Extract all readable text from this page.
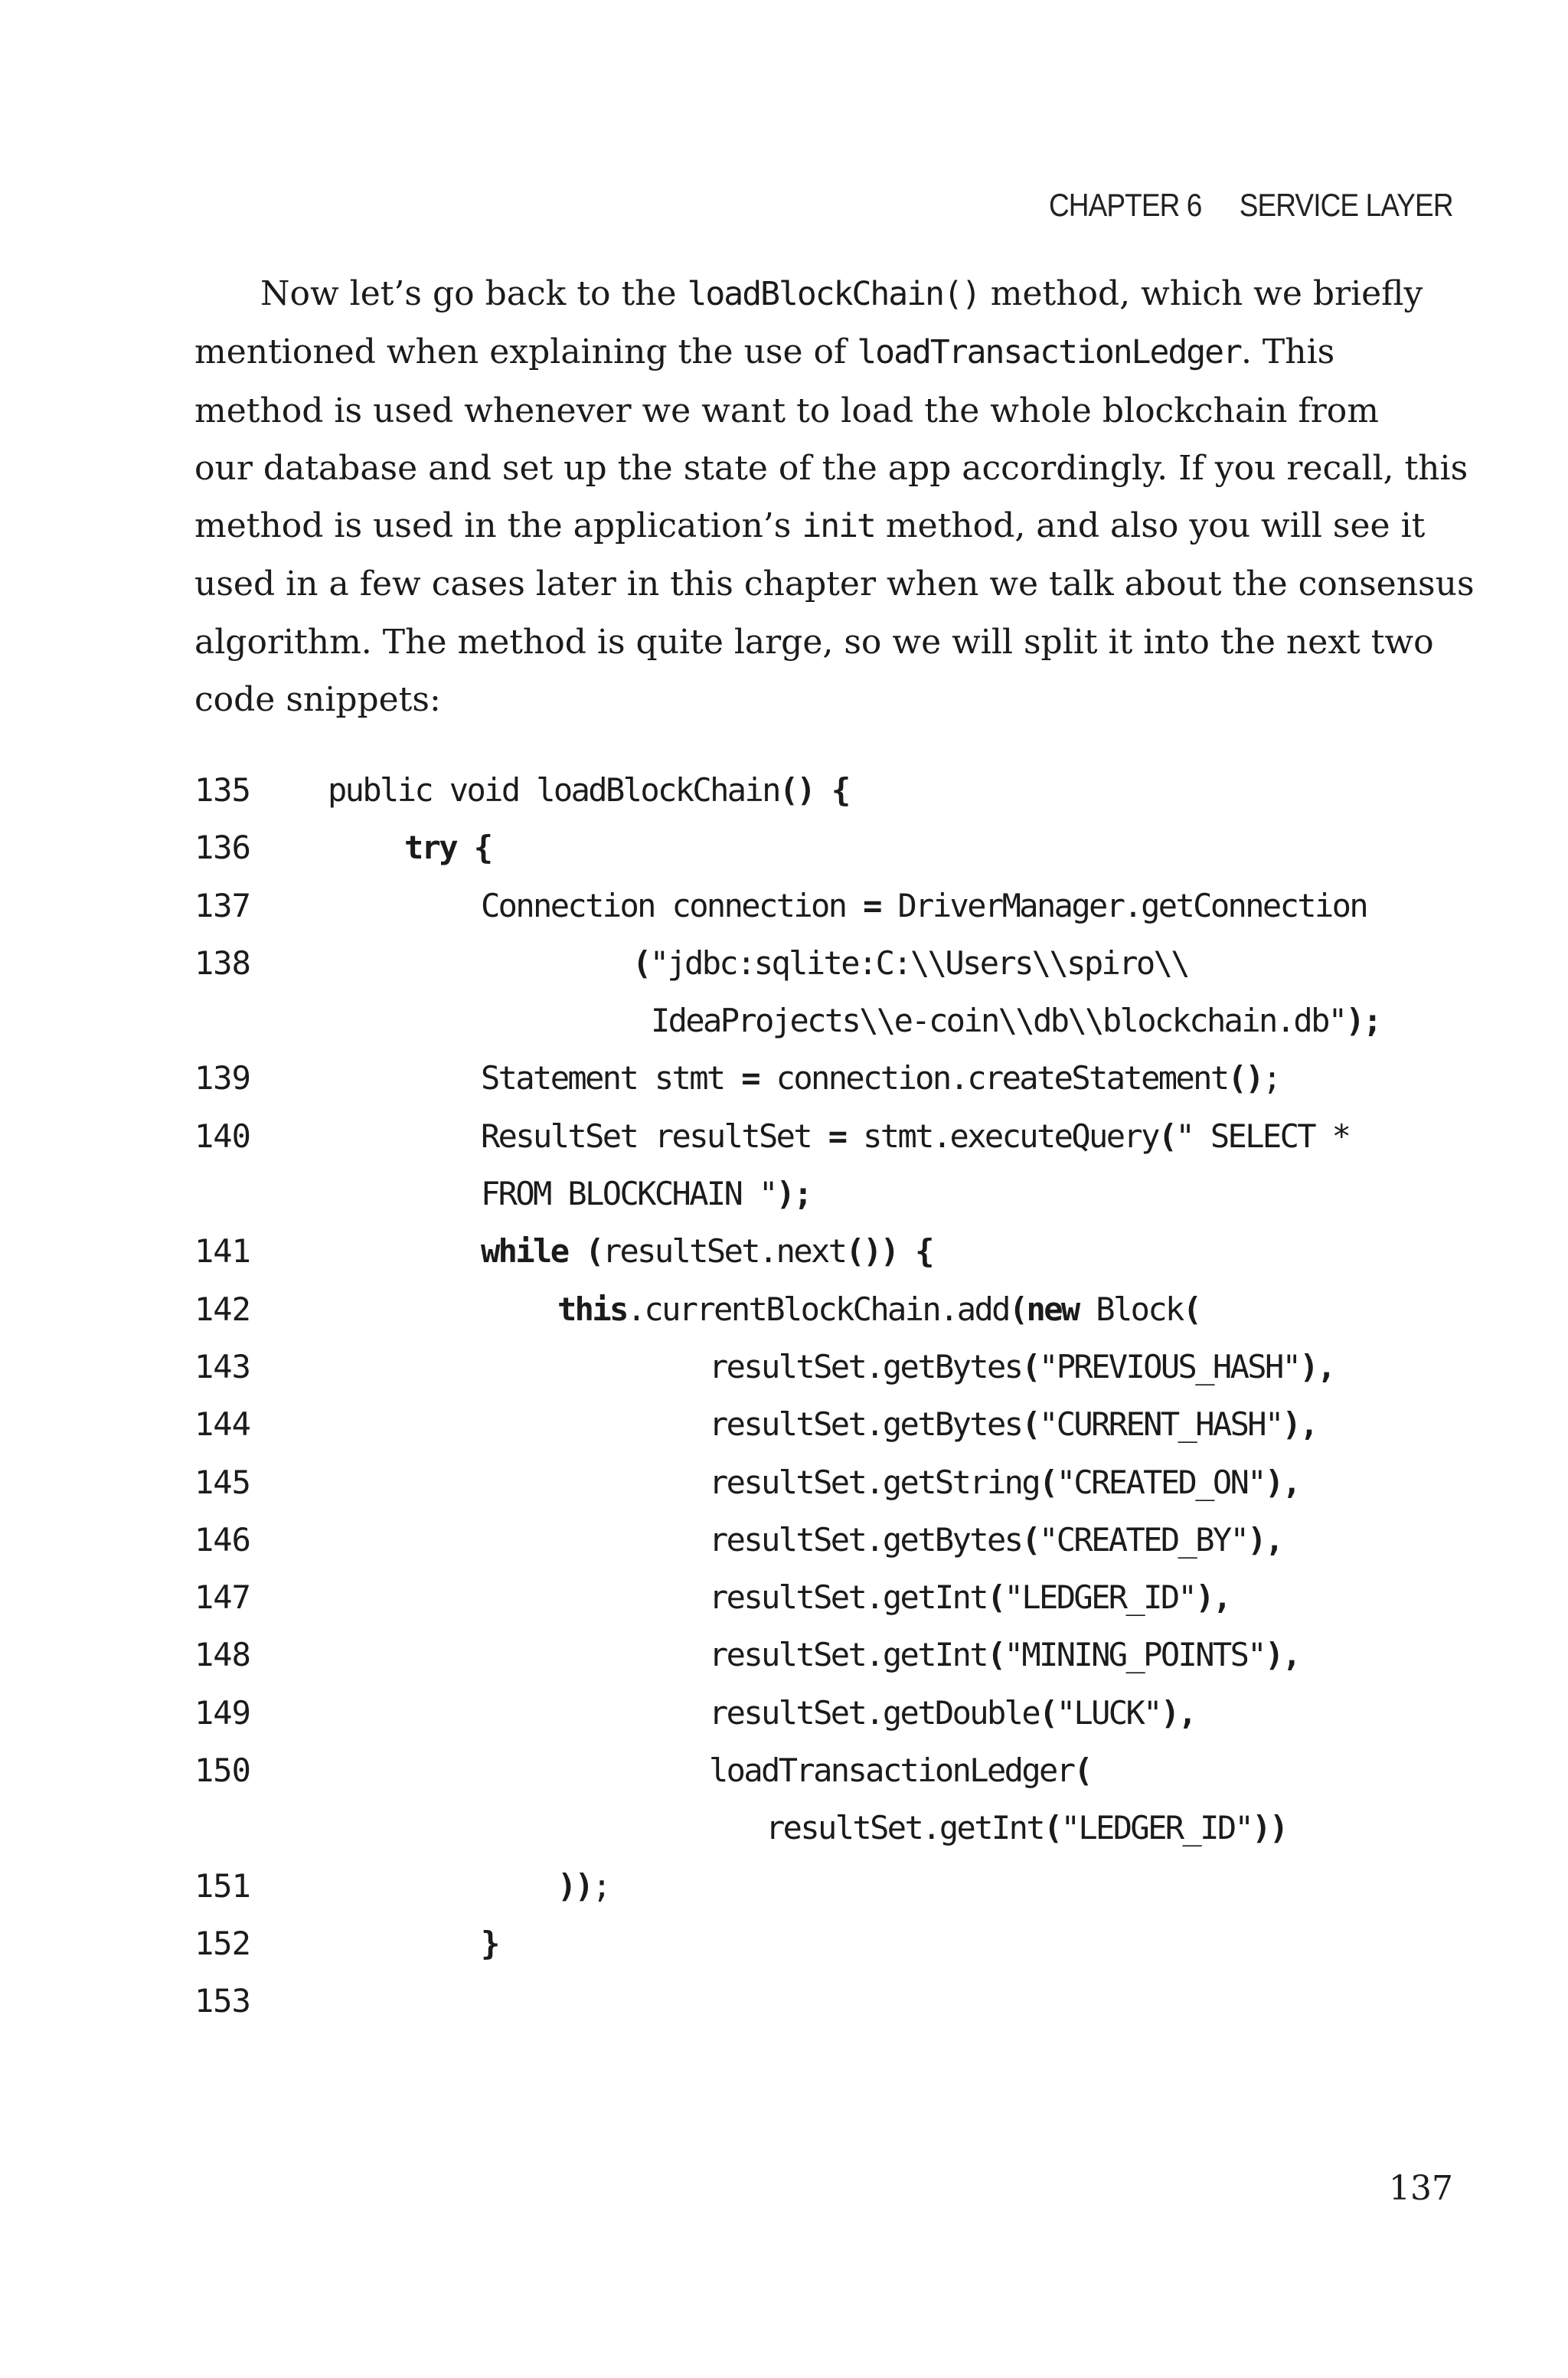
CHAPTER 6 SERVICE LAYER
Now let’s go back to the loadBlockChain() method, which we briefly
mentioned when explaining the use of loadTransactionLedger. This
method is used whenever we want to load the whole blockchain from
our database and set up the state of the app accordingly. If you recall, this
method is used in the application’s init method, and also you will see it
used in a few cases later in this chapter when we talk about the consensus
algorithm. The method is quite large, so we will split it into the next two
code snippets:
135 public void loadBlockChain() {
136	try {
137	Connection connection = DriverManager.getConnection
138	("jdbc:sqlite:C:\\Users\\spiro\\
IdeaProjects\\e-coin\\db\\blockchain.db");
139	Statement stmt = connection.createStatement();
140	ResultSet resultSet = stmt.executeQuery(" SELECT *
FROM BLOCKCHAIN ");
141	while (resultSet.next()) {
142	this.currentBlockChain.add(new Block(
143	resultSet.getBytes("PREVIOUS_HASH"),
144	resultSet.getBytes("CURRENT_HASH"),
145	resultSet.getString("CREATED_ON"),
146	resultSet.getBytes("CREATED_BY"),
147	resultSet.getInt("LEDGER_ID"),
148	resultSet.getInt("MINING_POINTS"),
149	resultSet.getDouble("LUCK"),
150	loadTransactionLedger(
resultSet.getInt("LEDGER_ID"))
151	));
152	}
153
137
